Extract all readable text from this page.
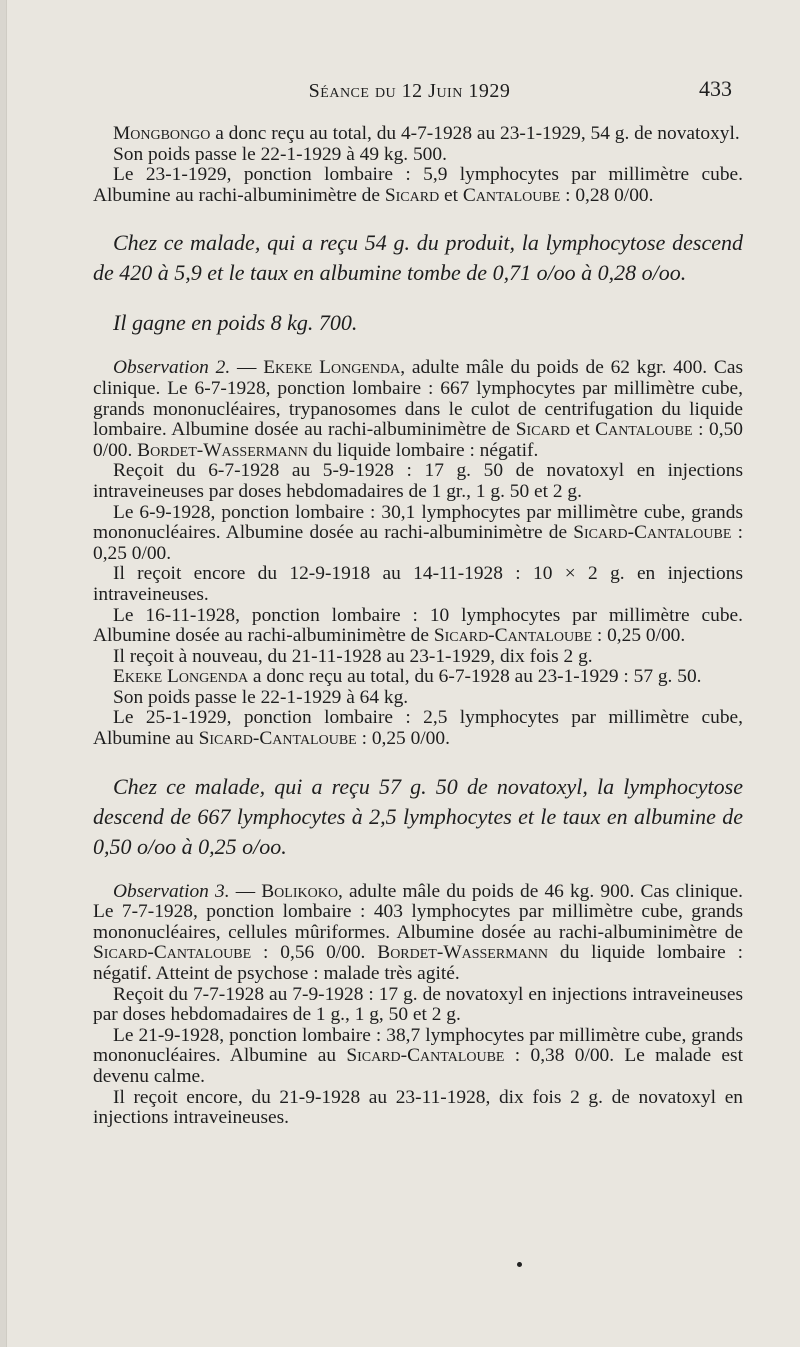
Séance du 12 Juin 1929	433

Mongbongo a donc reçu au total, du 4-7-1928 au 23-1-1929, 54 g. de novatoxyl.

Son poids passe le 22-1-1929 à 49 kg. 500.

Le 23-1-1929, ponction lombaire : 5,9 lymphocytes par millimètre cube. Albumine au rachi-albuminimètre de Sicard et Cantaloube : 0,28 0/00.

Chez ce malade, qui a reçu 54 g. du produit, la lymphocytose descend de 420 à 5,9 et le taux en albumine tombe de 0,71 o/oo à 0,28 o/oo.

Il gagne en poids 8 kg. 700.

Observation 2. — Ekeke Longenda, adulte mâle du poids de 62 kgr. 400. Cas clinique. Le 6-7-1928, ponction lombaire : 667 lymphocytes par millimètre cube, grands mononucléaires, trypanosomes dans le culot de centrifugation du liquide lombaire. Albumine dosée au rachi-albuminimètre de Sicard et Cantaloube : 0,50 0/00. Bordet-Wassermann du liquide lombaire : négatif.

Reçoit du 6-7-1928 au 5-9-1928 : 17 g. 50 de novatoxyl en injections intraveineuses par doses hebdomadaires de 1 gr., 1 g. 50 et 2 g.

Le 6-9-1928, ponction lombaire : 30,1 lymphocytes par millimètre cube, grands mononucléaires. Albumine dosée au rachi-albuminimètre de Sicard-Cantaloube : 0,25 0/00.

Il reçoit encore du 12-9-1918 au 14-11-1928 : 10 × 2 g. en injections intraveineuses.

Le 16-11-1928, ponction lombaire : 10 lymphocytes par millimètre cube. Albumine dosée au rachi-albuminimètre de Sicard-Cantaloube : 0,25 0/00.

Il reçoit à nouveau, du 21-11-1928 au 23-1-1929, dix fois 2 g.

Ekeke Longenda a donc reçu au total, du 6-7-1928 au 23-1-1929 : 57 g. 50.

Son poids passe le 22-1-1929 à 64 kg.

Le 25-1-1929, ponction lombaire : 2,5 lymphocytes par millimètre cube, Albumine au Sicard-Cantaloube : 0,25 0/00.

Chez ce malade, qui a reçu 57 g. 50 de novatoxyl, la lymphocytose descend de 667 lymphocytes à 2,5 lymphocytes et le taux en albumine de 0,50 o/oo à 0,25 o/oo.

Observation 3. — Bolikoko, adulte mâle du poids de 46 kg. 900. Cas clinique. Le 7-7-1928, ponction lombaire : 403 lymphocytes par millimètre cube, grands mononucléaires, cellules mûriformes. Albumine dosée au rachi-albuminimètre de Sicard-Cantaloube : 0,56 0/00. Bordet-Wassermann du liquide lombaire : négatif. Atteint de psychose : malade très agité.

Reçoit du 7-7-1928 au 7-9-1928 : 17 g. de novatoxyl en injections intraveineuses par doses hebdomadaires de 1 g., 1 g, 50 et 2 g.

Le 21-9-1928, ponction lombaire : 38,7 lymphocytes par millimètre cube, grands mononucléaires. Albumine au Sicard-Cantaloube : 0,38 0/00. Le malade est devenu calme.

Il reçoit encore, du 21-9-1928 au 23-11-1928, dix fois 2 g. de novatoxyl en injections intraveineuses.
